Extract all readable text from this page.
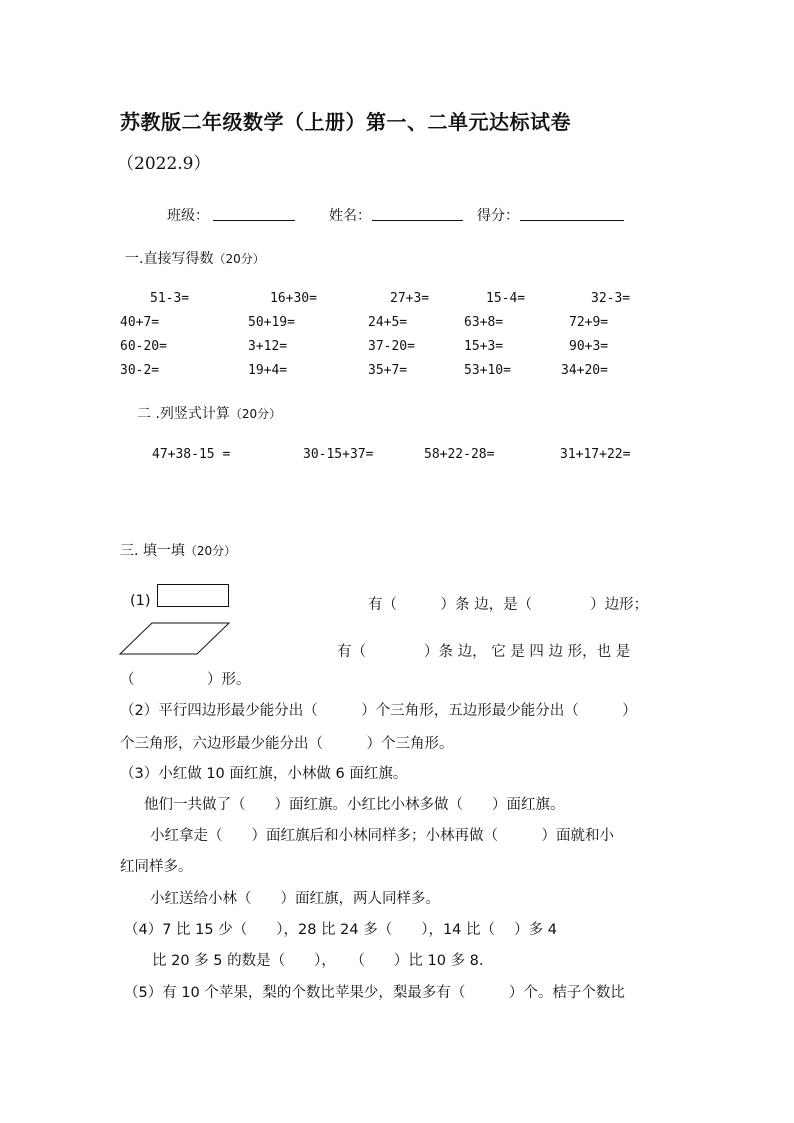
苏教版二年级数学（上册）第一、二单元达标试卷
（2022.9）
班级：	姓名：	得分：
一.直接写得数（20分）
51-3=	16+30=	27+3=	15-4=	32-3=
40+7=	50+19=	24+5=	63+8=	72+9=
60-20=	3+12=	37-20=	15+3=	90+3=
30-2=	19+4=	35+7=	53+10=	34+20=
二 .列竖式计算（20分）
47+38-15 =	30-15+37=	58+22-28=	31+17+22=
三. 填一填（20分）
(1)	有（　　　）条 边，是（　　　　）边形；
有（　　　　）条 边， 它 是 四 边 形，也 是
（　　　　　）形。
（2）平行四边形最少能分出（　　　）个三角形，五边形最少能分出（　　　）
个三角形，六边形最少能分出（　　　）个三角形。
（3）小红做 10 面红旗，小林做 6 面红旗。
他们一共做了（　　）面红旗。小红比小林多做（　　）面红旗。
小红拿走（　　）面红旗后和小林同样多；小林再做（　　　）面就和小
红同样多。
小红送给小林（　　）面红旗，两人同样多。
（4）7 比 15 少（　　），28 比 24 多（　　），14 比（　 ）多 4
比 20 多 5 的数是（　　），　　（　　）比 10 多 8.
（5）有 10 个苹果，梨的个数比苹果少，梨最多有（　　　）个。桔子个数比
